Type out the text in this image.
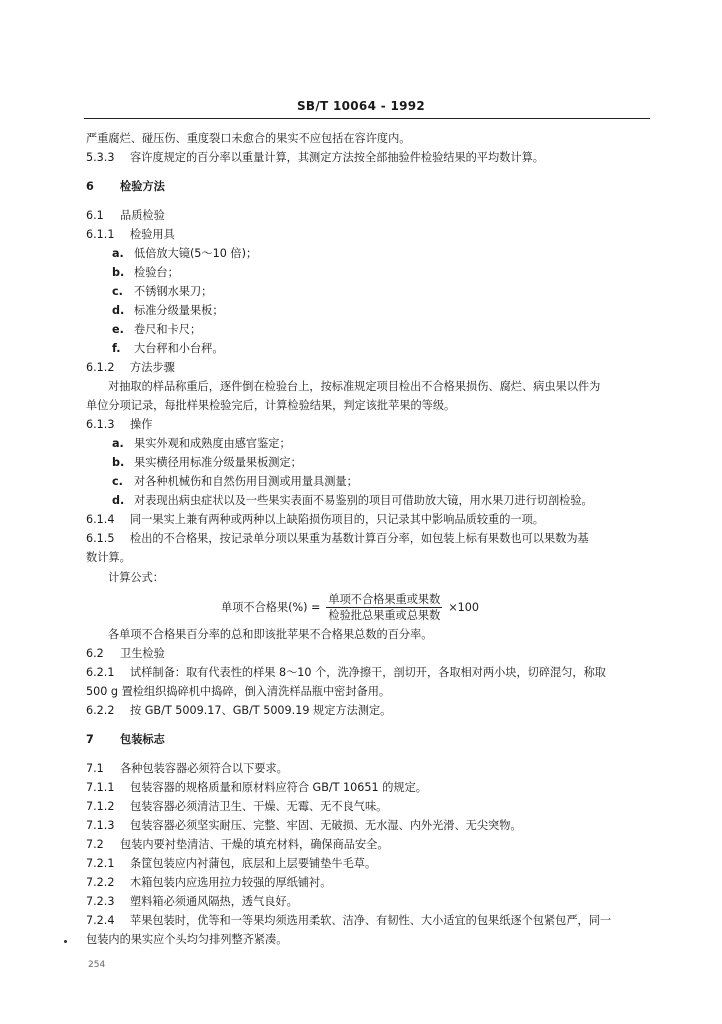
SB/T 10064 - 1992
严重腐烂、碰压伤、重度裂口未愈合的果实不应包括在容许度内。
5.3.3 容许度规定的百分率以重量计算，其测定方法按全部抽验件检验结果的平均数计算。
6 检验方法
6.1 品质检验
6.1.1 检验用具
a. 低倍放大镜(5～10 倍)；
b. 检验台；
c. 不锈钢水果刀；
d. 标准分级量果板；
e. 卷尺和卡尺；
f. 大台秤和小台秤。
6.1.2 方法步骤
对抽取的样品称重后，逐件倒在检验台上，按标准规定项目检出不合格果损伤、腐烂、病虫果以件为
单位分项记录，每批样果检验完后，计算检验结果，判定该批苹果的等级。
6.1.3 操作
a. 果实外观和成熟度由感官鉴定；
b. 果实横径用标准分级量果板测定；
c. 对各种机械伤和自然伤用目测或用量具测量；
d. 对表现出病虫症状以及一些果实表面不易鉴别的项目可借助放大镜，用水果刀进行切剖检验。
6.1.4 同一果实上兼有两种或两种以上缺陷损伤项目的，只记录其中影响品质较重的一项。
6.1.5 检出的不合格果，按记录单分项以果重为基数计算百分率，如包装上标有果数也可以果数为基
数计算。
计算公式：
单项不合格果(%) = $\frac{\text{单项不合格果重或果数}}{\text{检验批总果重或总果数}} \times 100$
各单项不合格果百分率的总和即该批苹果不合格果总数的百分率。
6.2 卫生检验
6.2.1 试样制备：取有代表性的样果 8～10 个，洗净擦干，剖切开，各取相对两小块，切碎混匀，称取
500 g 置检组织捣碎机中捣碎，倒入清洗样品瓶中密封备用。
6.2.2 按 GB/T 5009.17、GB/T 5009.19 规定方法测定。
7 包装标志
7.1 各种包装容器必须符合以下要求。
7.1.1 包装容器的规格质量和原材料应符合 GB/T 10651 的规定。
7.1.2 包装容器必须清洁卫生、干燥、无霉、无不良气味。
7.1.3 包装容器必须坚实耐压、完整、牢固、无破损、无水湿、内外光滑、无尖突物。
7.2 包装内要衬垫清洁、干燥的填充材料，确保商品安全。
7.2.1 条筐包装应内衬蒲包，底层和上层要铺垫牛毛草。
7.2.2 木箱包装内应选用拉力较强的厚纸铺衬。
7.2.3 塑料箱必须通风隔热，透气良好。
7.2.4 苹果包装时，优等和一等果均须选用柔软、洁净、有韧性、大小适宜的包果纸逐个包紧包严，同一
包装内的果实应个头均匀排列整齐紧凑。
254
